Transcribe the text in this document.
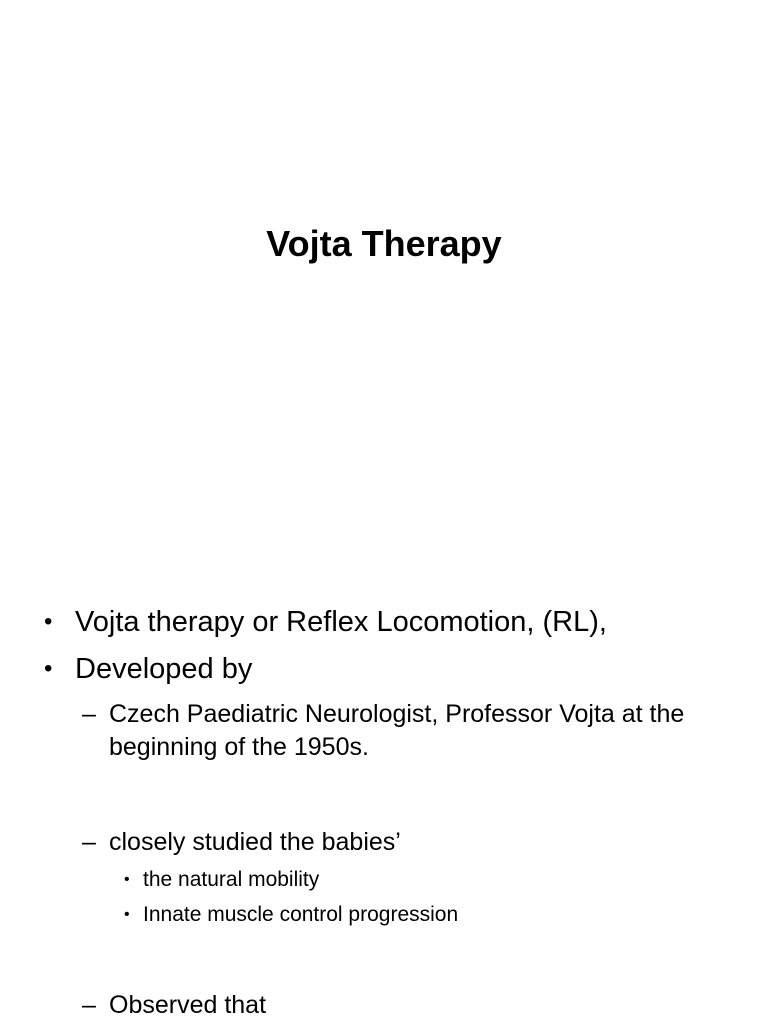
Vojta Therapy
• Vojta therapy or Reflex Locomotion, (RL),
• Developed by
– Czech Paediatric Neurologist, Professor Vojta at the beginning of the 1950s.
– closely studied the babies’
• the natural mobility
• Innate muscle control progression
– Observed that
